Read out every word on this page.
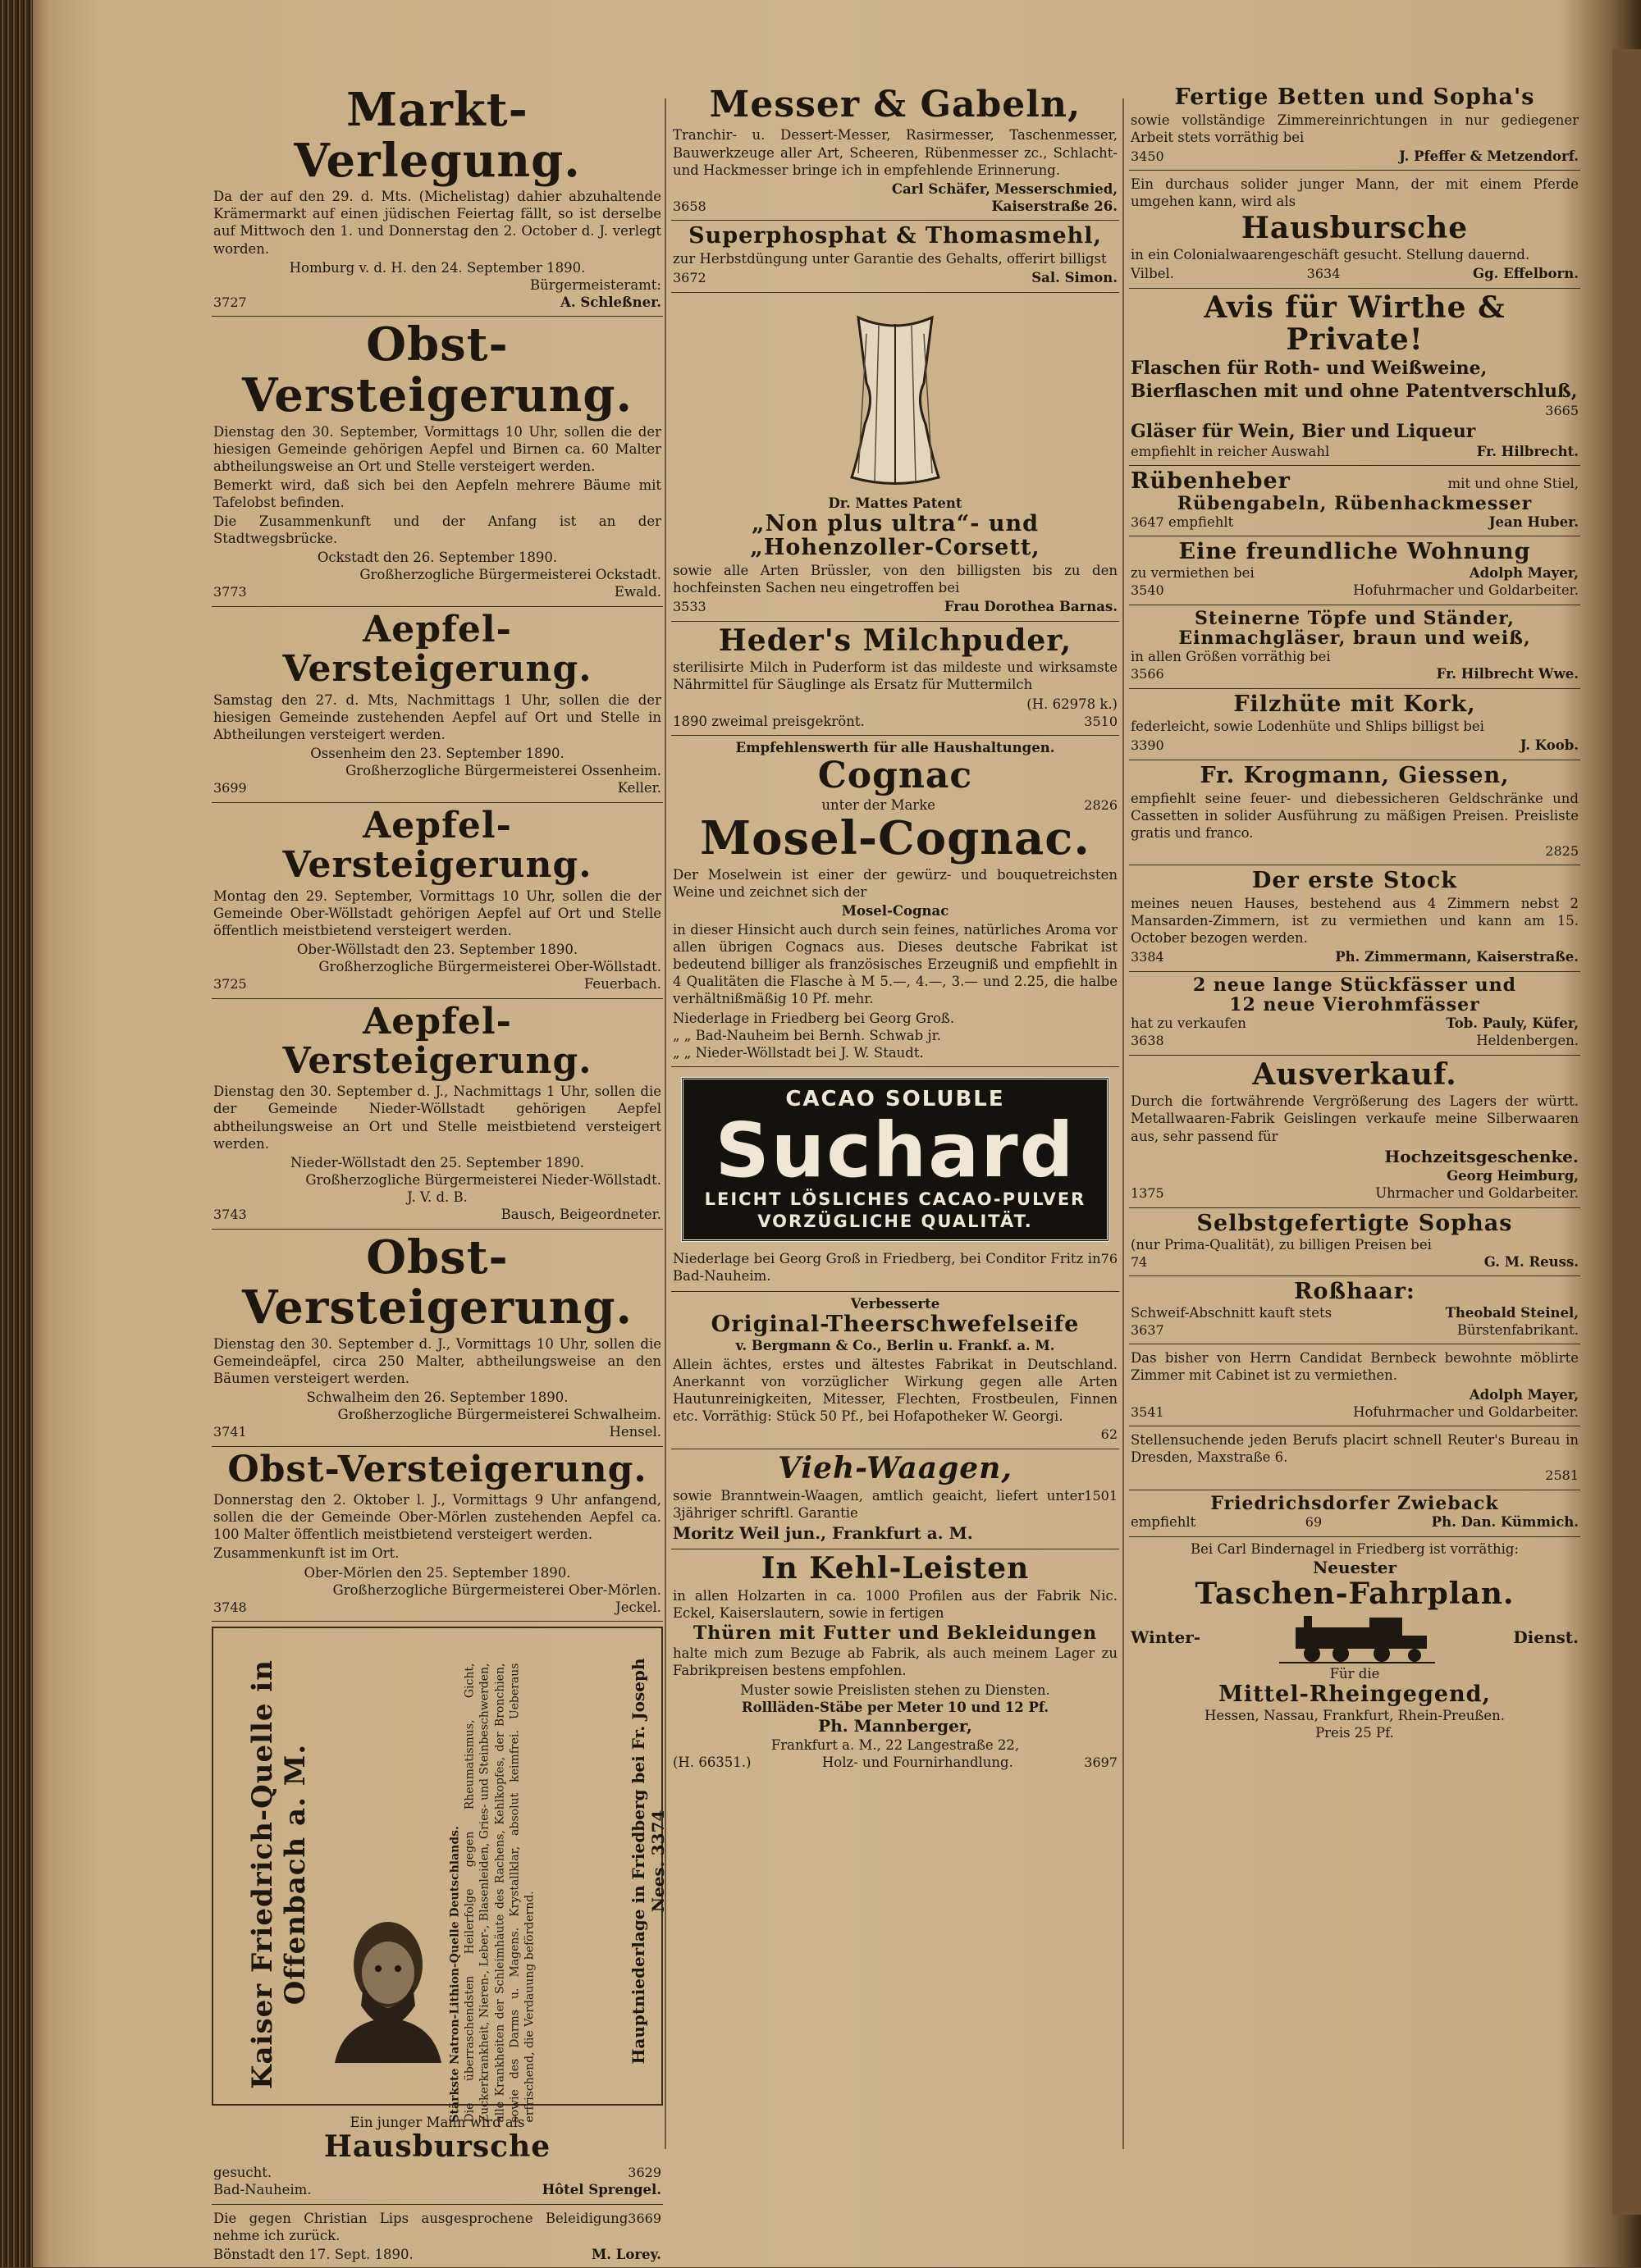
Markt-Verlegung.
Da der auf den 29. d. Mts. (Michelistag) dahier abzuhaltende Krämermarkt auf einen jüdischen Feiertag fällt, so ist derselbe auf Mittwoch den 1. und Donnerstag den 2. October d. J. verlegt worden.
Homburg v. d. H. den 24. September 1890.
Bürgermeisteramt:
3727	A. Schleßner.
Obst-Versteigerung.
Dienstag den 30. September, Vormittags 10 Uhr, sollen die der hiesigen Gemeinde gehörigen Aepfel und Birnen ca. 60 Malter abtheilungsweise an Ort und Stelle versteigert werden.
Bemerkt wird, daß sich bei den Aepfeln mehrere Bäume mit Tafelobst befinden.
Die Zusammenkunft und der Anfang ist an der Stadtwegsbrücke.
Ockstadt den 26. September 1890.
Großherzogliche Bürgermeisterei Ockstadt.
3773	Ewald.
Aepfel-Versteigerung.
Samstag den 27. d. Mts, Nachmittags 1 Uhr, sollen die der hiesigen Gemeinde zustehenden Aepfel auf Ort und Stelle in Abtheilungen versteigert werden.
Ossenheim den 23. September 1890.
Großherzogliche Bürgermeisterei Ossenheim.
3699	Keller.
Aepfel-Versteigerung.
Montag den 29. September, Vormittags 10 Uhr, sollen die der Gemeinde Ober-Wöllstadt gehörigen Aepfel auf Ort und Stelle öffentlich meistbietend versteigert werden.
Ober-Wöllstadt den 23. September 1890.
Großherzogliche Bürgermeisterei Ober-Wöllstadt.
3725	Feuerbach.
Aepfel-Versteigerung.
Dienstag den 30. September d. J., Nachmittags 1 Uhr, sollen die der Gemeinde Nieder-Wöllstadt gehörigen Aepfel abtheilungsweise an Ort und Stelle meistbietend versteigert werden.
Nieder-Wöllstadt den 25. September 1890.
Großherzogliche Bürgermeisterei Nieder-Wöllstadt.
J. V. d. B.
3743	Bausch, Beigeordneter.
Obst-Versteigerung.
Dienstag den 30. September d. J., Vormittags 10 Uhr, sollen die Gemeindeäpfel, circa 250 Malter, abtheilungsweise an den Bäumen versteigert werden.
Schwalheim den 26. September 1890.
Großherzogliche Bürgermeisterei Schwalheim.
3741	Hensel.
Obst-Versteigerung.
Donnerstag den 2. Oktober l. J., Vormittags 9 Uhr anfangend, sollen die der Gemeinde Ober-Mörlen zustehenden Aepfel ca. 100 Malter öffentlich meistbietend versteigert werden.
Zusammenkunft ist im Ort.
Ober-Mörlen den 25. September 1890.
Großherzogliche Bürgermeisterei Ober-Mörlen.
3748	Jeckel.
Kaiser Friedrich-Quelle in Offenbach a. M.	Stärkste Natron-Lithion-Quelle Deutschlands. Die überraschendsten Heilerfolge gegen Rheumatismus, Gicht, Zuckerkrankheit, Nieren-, Leber-, Blasenleiden, Gries- und Steinbeschwerden, alle Krankheiten der Schleimhäute des Rachens, Kehlkopfes, der Bronchien, sowie des Darms u. Magens. Krystallklar, absolut keimfrei. Ueberaus erfrischend, die Verdauung befördernd.	Hauptniederlage in Friedberg bei Fr. Joseph Nees. 3374
Ein junger Mann wird als
Hausbursche
gesucht.	3629
Bad-Nauheim.	Hôtel Sprengel.
Die gegen Christian Lips ausgesprochene Beleidigung nehme ich zurück.
3669
Bönstadt den 17. Sept. 1890.	M. Lorey.
Messer & Gabeln,
Tranchir- u. Dessert-Messer, Rasirmesser, Taschenmesser, Bauwerkzeuge aller Art, Scheeren, Rübenmesser zc., Schlacht- und Hackmesser bringe ich in empfehlende Erinnerung.
Carl Schäfer, Messerschmied,
3658	Kaiserstraße 26.
Superphosphat & Thomasmehl,
zur Herbstdüngung unter Garantie des Gehalts, offerirt billigst
3672	Sal. Simon.
Dr. Mattes Patent
„Non plus ultra“- und „Hohenzoller-Corsett,
sowie alle Arten Brüssler, von den billigsten bis zu den hochfeinsten Sachen neu eingetroffen bei
3533	Frau Dorothea Barnas.
Heder's Milchpuder,
sterilisirte Milch in Puderform ist das mildeste und wirksamste Nährmittel für Säuglinge als Ersatz für Muttermilch
(H. 62978 k.)
1890 zweimal preisgekrönt.	3510
Empfehlenswerth für alle Haushaltungen.
Cognac
unter der Marke	2826
Mosel-Cognac.
Der Moselwein ist einer der gewürz- und bouquetreichsten Weine und zeichnet sich der
Mosel-Cognac
in dieser Hinsicht auch durch sein feines, natürliches Aroma vor allen übrigen Cognacs aus. Dieses deutsche Fabrikat ist bedeutend billiger als französisches Erzeugniß und empfiehlt in 4 Qualitäten die Flasche à M 5.—, 4.—, 3.— und 2.25, die halbe verhältnißmäßig 10 Pf. mehr.
Niederlage in Friedberg bei Georg Groß.
„ „ Bad-Nauheim bei Bernh. Schwab jr.
„ „ Nieder-Wöllstadt bei J. W. Staudt.
CACAO SOLUBLE
Suchard
LEICHT LÖSLICHES CACAO-PULVER
VORZÜGLICHE QUALITÄT.
Niederlage bei Georg Groß in Friedberg, bei Conditor Fritz in Bad-Nauheim.
76
Verbesserte
Original-Theerschwefelseife
v. Bergmann & Co., Berlin u. Frankf. a. M.
Allein ächtes, erstes und ältestes Fabrikat in Deutschland. Anerkannt von vorzüglicher Wirkung gegen alle Arten Hautunreinigkeiten, Mitesser, Flechten, Frostbeulen, Finnen etc. Vorräthig: Stück 50 Pf., bei Hofapotheker W. Georgi.
62
Vieh-Waagen,
sowie Branntwein-Waagen, amtlich geaicht, liefert unter 3jähriger schriftl. Garantie
1501
Moritz Weil jun., Frankfurt a. M.
In Kehl-Leisten
in allen Holzarten in ca. 1000 Profilen aus der Fabrik Nic. Eckel, Kaiserslautern, sowie in fertigen
Thüren mit Futter und Bekleidungen
halte mich zum Bezuge ab Fabrik, als auch meinem Lager zu Fabrikpreisen bestens empfohlen.
Muster sowie Preislisten stehen zu Diensten.
Rollläden-Stäbe per Meter 10 und 12 Pf.
Ph. Mannberger,
Frankfurt a. M., 22 Langestraße 22,
(H. 66351.)	Holz- und Fournirhandlung.	3697
Fertige Betten und Sopha's
sowie vollständige Zimmereinrichtungen in nur gediegener Arbeit stets vorräthig bei
3450	J. Pfeffer & Metzendorf.
Ein durchaus solider junger Mann, der mit einem Pferde umgehen kann, wird als
Hausbursche
in ein Colonialwaarengeschäft gesucht. Stellung dauernd.
Vilbel.	3634	Gg. Effelborn.
Avis für Wirthe & Private!
Flaschen für Roth- und Weißweine, Bierflaschen mit und ohne Patentverschluß,
3665
Gläser für Wein, Bier und Liqueur
empfiehlt in reicher Auswahl	Fr. Hilbrecht.
Rübenheber	mit und ohne Stiel,
Rübengabeln, Rübenhackmesser
3647 empfiehlt	Jean Huber.
Eine freundliche Wohnung
zu vermiethen bei	Adolph Mayer,
3540	Hofuhrmacher und Goldarbeiter.
Steinerne Töpfe und Ständer,
Einmachgläser, braun und weiß,
in allen Größen vorräthig bei
3566	Fr. Hilbrecht Wwe.
Filzhüte mit Kork,
federleicht, sowie Lodenhüte und Shlips billigst bei
3390	J. Koob.
Fr. Krogmann, Giessen,
empfiehlt seine feuer- und diebessicheren Geldschränke und Cassetten in solider Ausführung zu mäßigen Preisen. Preisliste gratis und franco.
2825
Der erste Stock
meines neuen Hauses, bestehend aus 4 Zimmern nebst 2 Mansarden-Zimmern, ist zu vermiethen und kann am 15. October bezogen werden.
3384	Ph. Zimmermann, Kaiserstraße.
2 neue lange Stückfässer und
12 neue Vierohmfässer
hat zu verkaufen	Tob. Pauly, Küfer,
3638	Heldenbergen.
Ausverkauf.
Durch die fortwährende Vergrößerung des Lagers der württ. Metallwaaren-Fabrik Geislingen verkaufe meine Silberwaaren aus, sehr passend für
Hochzeitsgeschenke.
Georg Heimburg,
1375	Uhrmacher und Goldarbeiter.
Selbstgefertigte Sophas
(nur Prima-Qualität), zu billigen Preisen bei
74	G. M. Reuss.
Roßhaar:
Schweif-Abschnitt kauft stets	Theobald Steinel,
3637	Bürstenfabrikant.
Das bisher von Herrn Candidat Bernbeck bewohnte möblirte Zimmer mit Cabinet ist zu vermiethen.
Adolph Mayer,
3541	Hofuhrmacher und Goldarbeiter.
Stellensuchende jeden Berufs placirt schnell Reuter's Bureau in Dresden, Maxstraße 6.
2581
Friedrichsdorfer Zwieback
empfiehlt	69	Ph. Dan. Kümmich.
Bei Carl Bindernagel in Friedberg ist vorräthig:
Neuester
Taschen-Fahrplan.
Winter-	Dienst.
Für die
Mittel-Rheingegend,
Hessen, Nassau, Frankfurt, Rhein-Preußen.
Preis 25 Pf.
